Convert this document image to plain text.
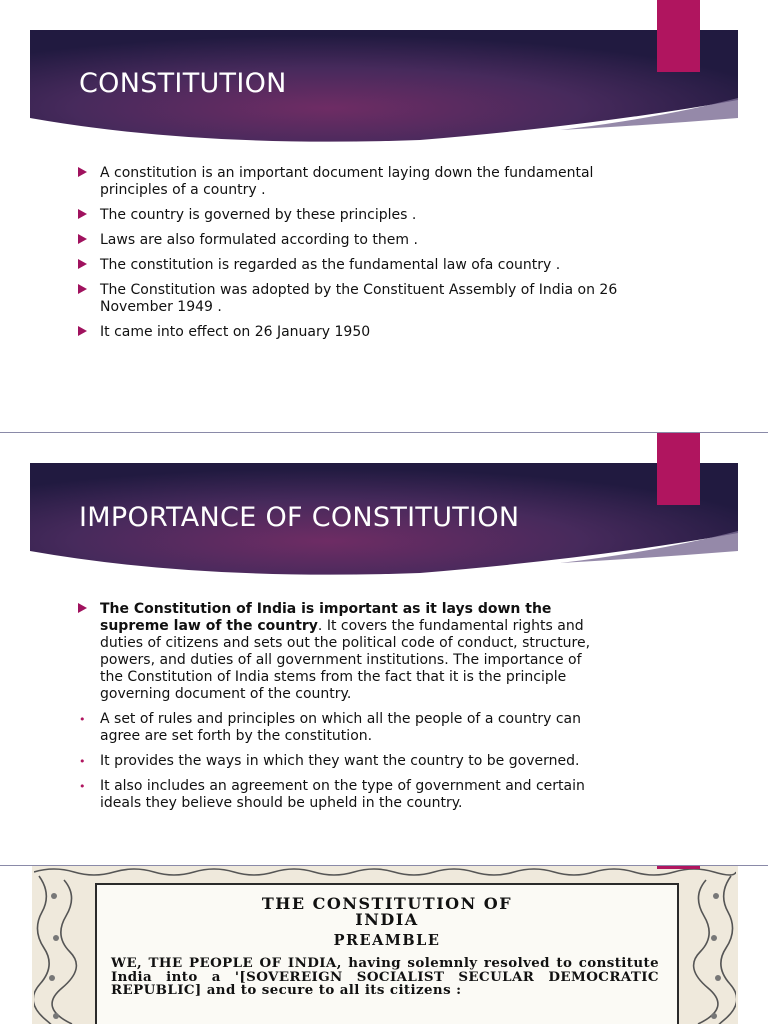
CONSTITUTION
A constitution is an important document laying down the fundamental principles of a country .
The country is governed by these principles .
Laws are also formulated according to them .
The constitution is regarded as the fundamental law ofa country .
The Constitution was adopted by the Constituent Assembly of India on 26 November 1949 .
It came into effect on 26 January 1950
IMPORTANCE OF CONSTITUTION
The Constitution of India is important as it lays down the supreme law of the country. It covers the fundamental rights and duties of citizens and sets out the political code of conduct, structure, powers, and duties of all government institutions. The importance of the Constitution of India stems from the fact that it is the principle governing document of the country.
• A set of rules and principles on which all the people of a country can agree are set forth by the constitution.
• It provides the ways in which they want the country to be governed.
• It also includes an agreement on the type of government and certain ideals they believe should be upheld in the country.
THE CONSTITUTION OF
INDIA
PREAMBLE
WE, THE PEOPLE OF INDIA, having solemnly resolved to constitute India into a '[SOVEREIGN SOCIALIST SECULAR DEMOCRATIC REPUBLIC] and to secure to all its citizens :
